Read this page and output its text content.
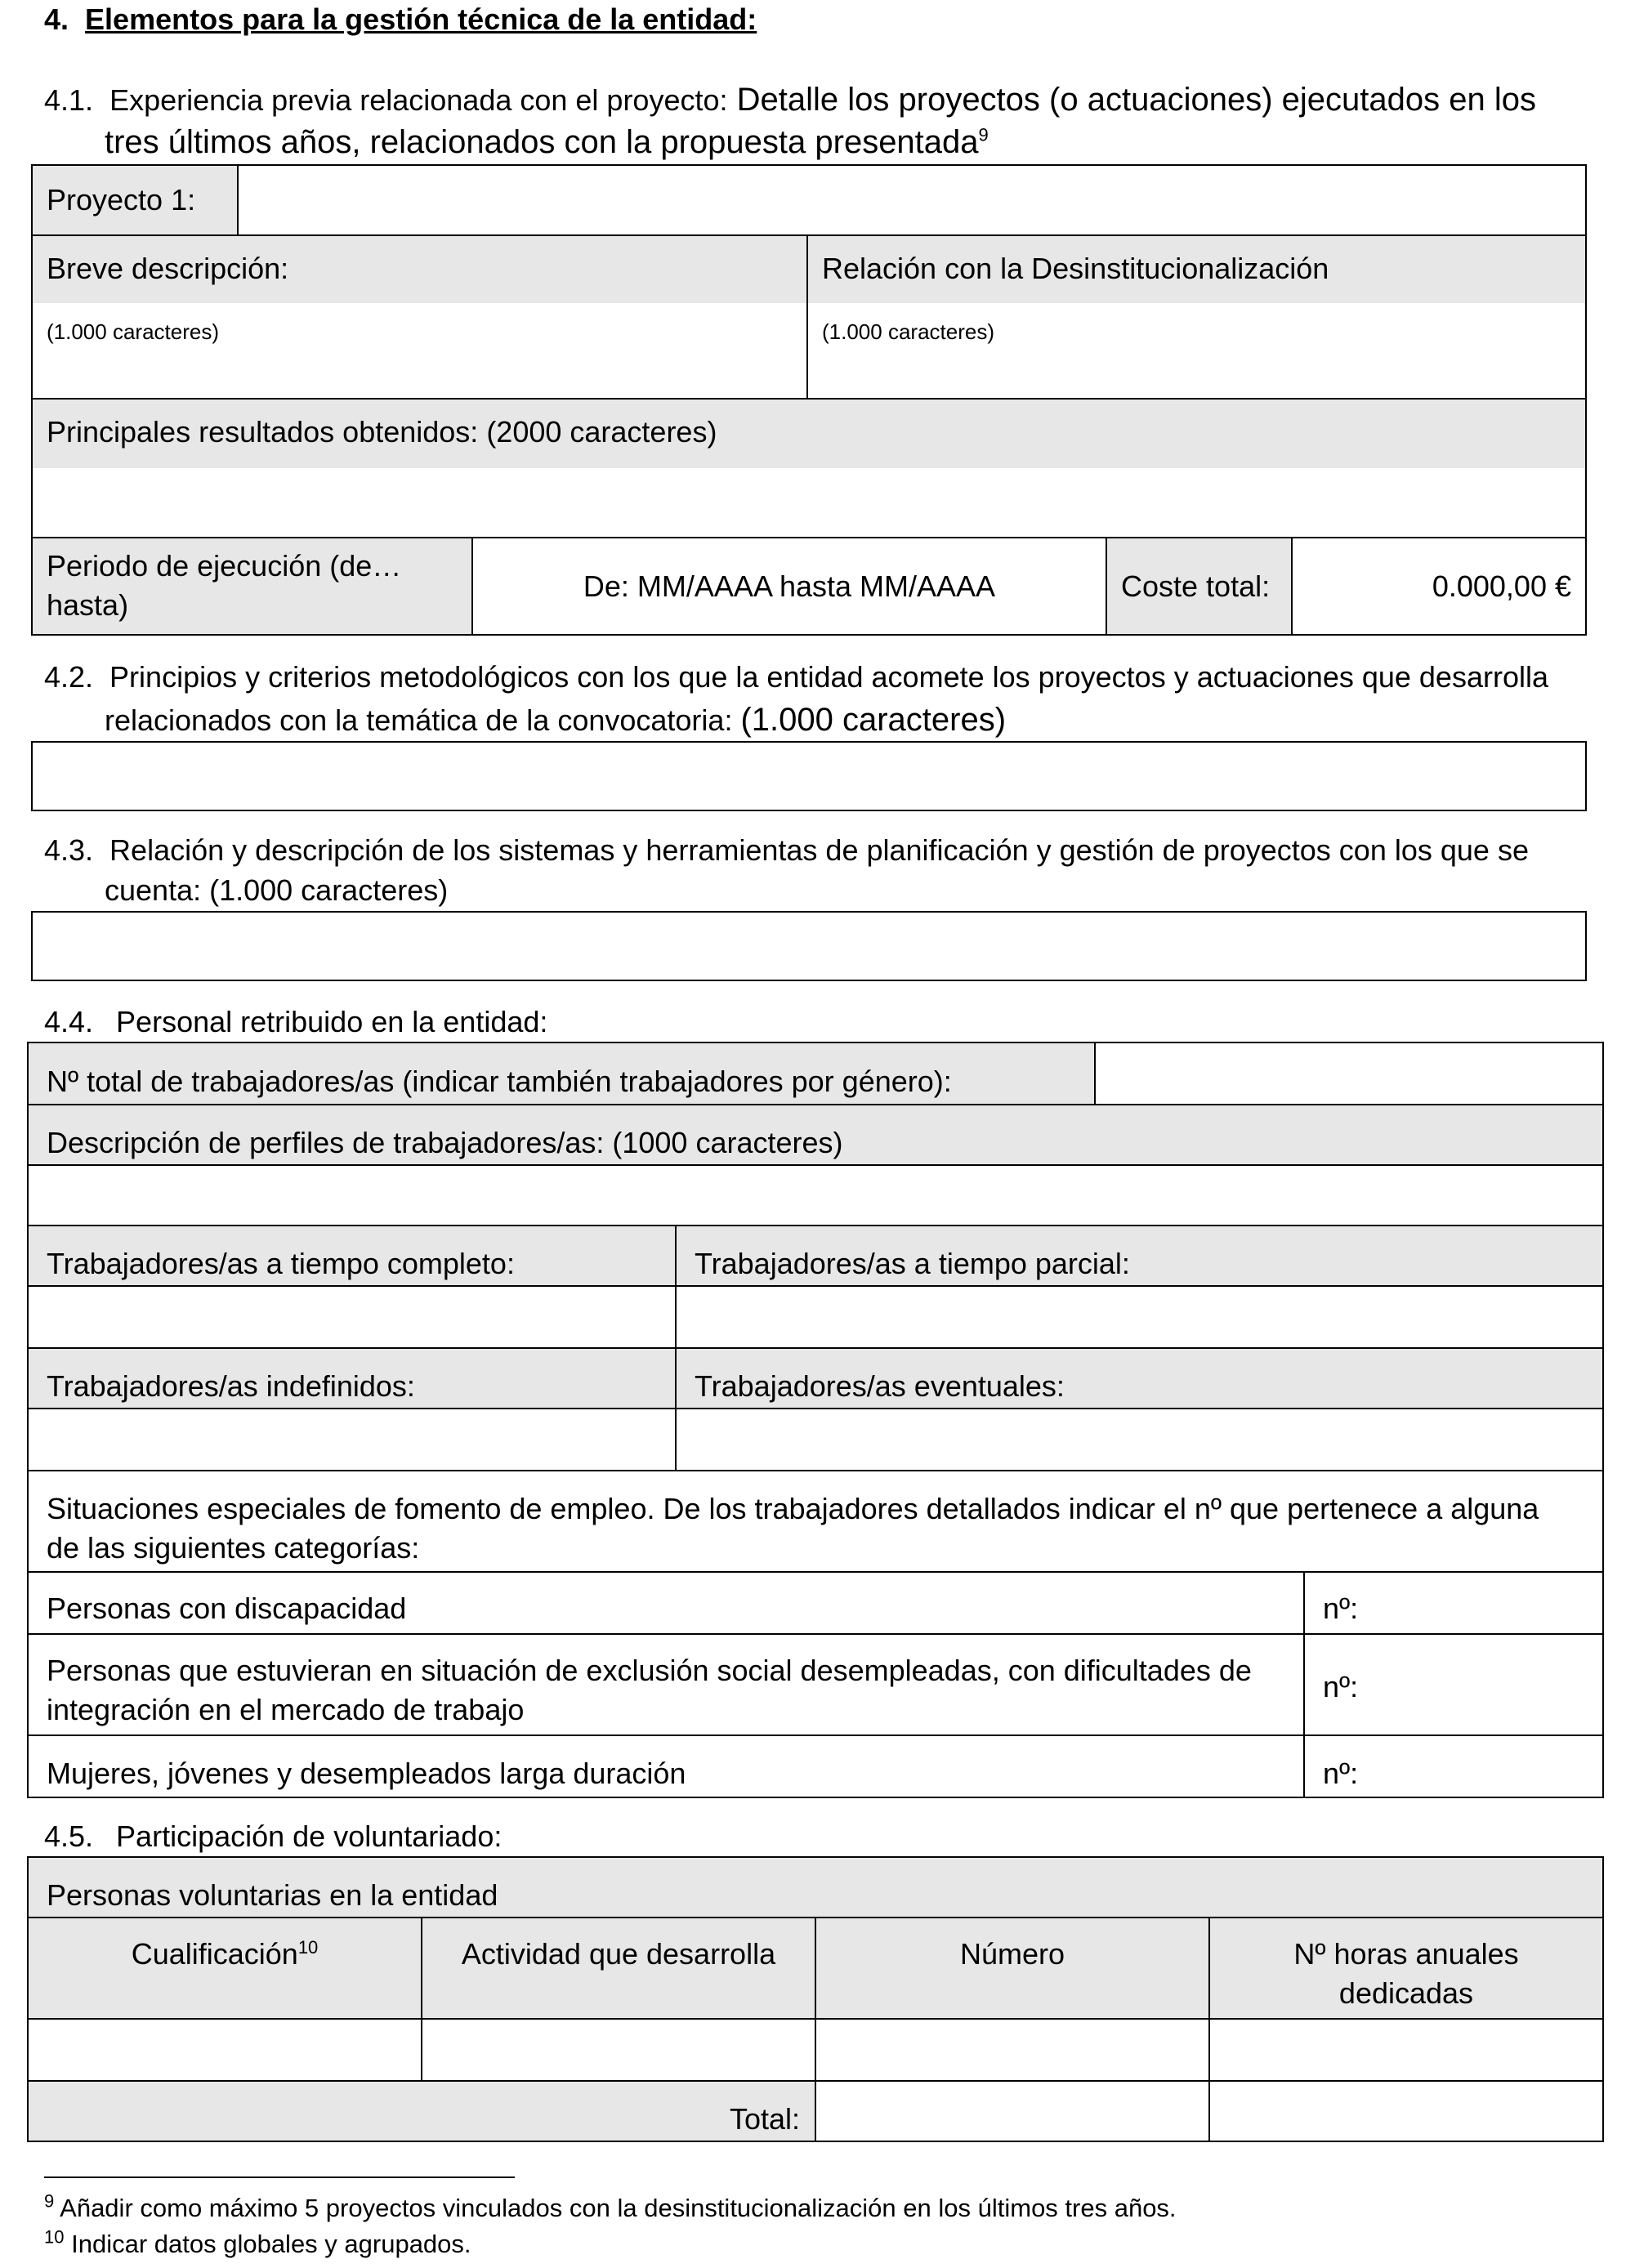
4. Elementos para la gestión técnica de la entidad:
4.1. Experiencia previa relacionada con el proyecto: Detalle los proyectos (o actuaciones) ejecutados en los
tres últimos años, relacionados con la propuesta presentada$^9$
Proyecto 1:
Breve descripción:	Relación con la Desinstitucionalización
(1.000 caracteres)	(1.000 caracteres)
Principales resultados obtenidos: (2000 caracteres)
Periodo de ejecución (de…
hasta)
De: MM/AAAA hasta MM/AAAA	Coste total:	0.000,00 €
4.2. Principios y criterios metodológicos con los que la entidad acomete los proyectos y actuaciones que desarrolla
relacionados con la temática de la convocatoria: (1.000 caracteres)
4.3. Relación y descripción de los sistemas y herramientas de planificación y gestión de proyectos con los que se
cuenta: (1.000 caracteres)
4.4. Personal retribuido en la entidad:
Nº total de trabajadores/as (indicar también trabajadores por género):
Descripción de perfiles de trabajadores/as: (1000 caracteres)
Trabajadores/as a tiempo completo:	Trabajadores/as a tiempo parcial:
Trabajadores/as indefinidos:	Trabajadores/as eventuales:
Situaciones especiales de fomento de empleo. De los trabajadores detallados indicar el nº que pertenece a alguna
de las siguientes categorías:
Personas con discapacidad	nº:
Personas que estuvieran en situación de exclusión social desempleadas, con dificultades de
integración en el mercado de trabajo
nº:
Mujeres, jóvenes y desempleados larga duración	nº:
4.5. Participación de voluntariado:
Personas voluntarias en la entidad
Cualificación$^{10}$	Actividad que desarrolla	Número	Nº horas anuales
dedicadas
Total:
$^9$ Añadir como máximo 5 proyectos vinculados con la desinstitucionalización en los últimos tres años.
$^{10}$ Indicar datos globales y agrupados.
